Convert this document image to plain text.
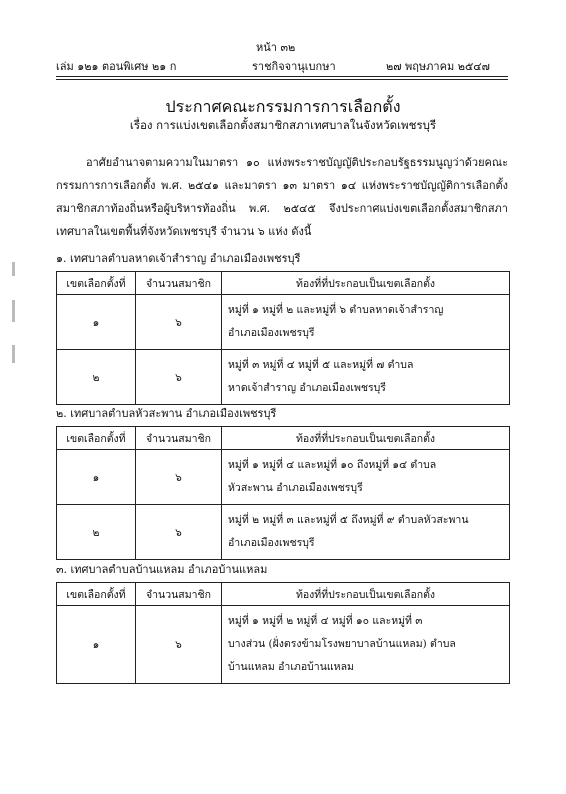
หน้า ๓๒
เล่ม ๑๒๑ ตอนพิเศษ ๒๑ ก	ราชกิจจานุเบกษา	๒๗ พฤษภาคม ๒๕๔๗
ประกาศคณะกรรมการการเลือกตั้ง
เรื่อง การแบ่งเขตเลือกตั้งสมาชิกสภาเทศบาลในจังหวัดเพชรบุรี

อาศัยอำนาจตามความในมาตรา ๑๐ แห่งพระราชบัญญัติประกอบรัฐธรรมนูญว่าด้วยคณะกรรมการการเลือกตั้ง พ.ศ. ๒๕๔๑ และมาตรา ๑๓ มาตรา ๑๔ แห่งพระราชบัญญัติการเลือกตั้งสมาชิกสภาท้องถิ่นหรือผู้บริหารท้องถิ่น พ.ศ. ๒๕๔๕ จึงประกาศแบ่งเขตเลือกตั้งสมาชิกสภาเทศบาลในเขตพื้นที่จังหวัดเพชรบุรี จำนวน ๖ แห่ง ดังนี้

๑. เทศบาลตำบลหาดเจ้าสำราญ อำเภอเมืองเพชรบุรี
เขตเลือกตั้งที่	จำนวนสมาชิก	ท้องที่ที่ประกอบเป็นเขตเลือกตั้ง
๑	๖	หมู่ที่ ๑ หมู่ที่ ๒ และหมู่ที่ ๖ ตำบลหาดเจ้าสำราญ
อำเภอเมืองเพชรบุรี

๒	๖	หมู่ที่ ๓ หมู่ที่ ๔ หมู่ที่ ๕ และหมู่ที่ ๗ ตำบล
หาดเจ้าสำราญ อำเภอเมืองเพชรบุรี
๒. เทศบาลตำบลหัวสะพาน อำเภอเมืองเพชรบุรี
เขตเลือกตั้งที่	จำนวนสมาชิก	ท้องที่ที่ประกอบเป็นเขตเลือกตั้ง
๑	๖	หมู่ที่ ๑ หมู่ที่ ๔ และหมู่ที่ ๑๐ ถึงหมู่ที่ ๑๔ ตำบล
หัวสะพาน อำเภอเมืองเพชรบุรี

๒	๖	หมู่ที่ ๒ หมู่ที่ ๓ และหมู่ที่ ๕ ถึงหมู่ที่ ๙ ตำบลหัวสะพาน
อำเภอเมืองเพชรบุรี
๓. เทศบาลตำบลบ้านแหลม อำเภอบ้านแหลม
เขตเลือกตั้งที่	จำนวนสมาชิก	ท้องที่ที่ประกอบเป็นเขตเลือกตั้ง
๑	๖	หมู่ที่ ๑ หมู่ที่ ๒ หมู่ที่ ๔ หมู่ที่ ๑๐ และหมู่ที่ ๓
บางส่วน (ฝั่งตรงข้ามโรงพยาบาลบ้านแหลม) ตำบล
บ้านแหลม อำเภอบ้านแหลม
